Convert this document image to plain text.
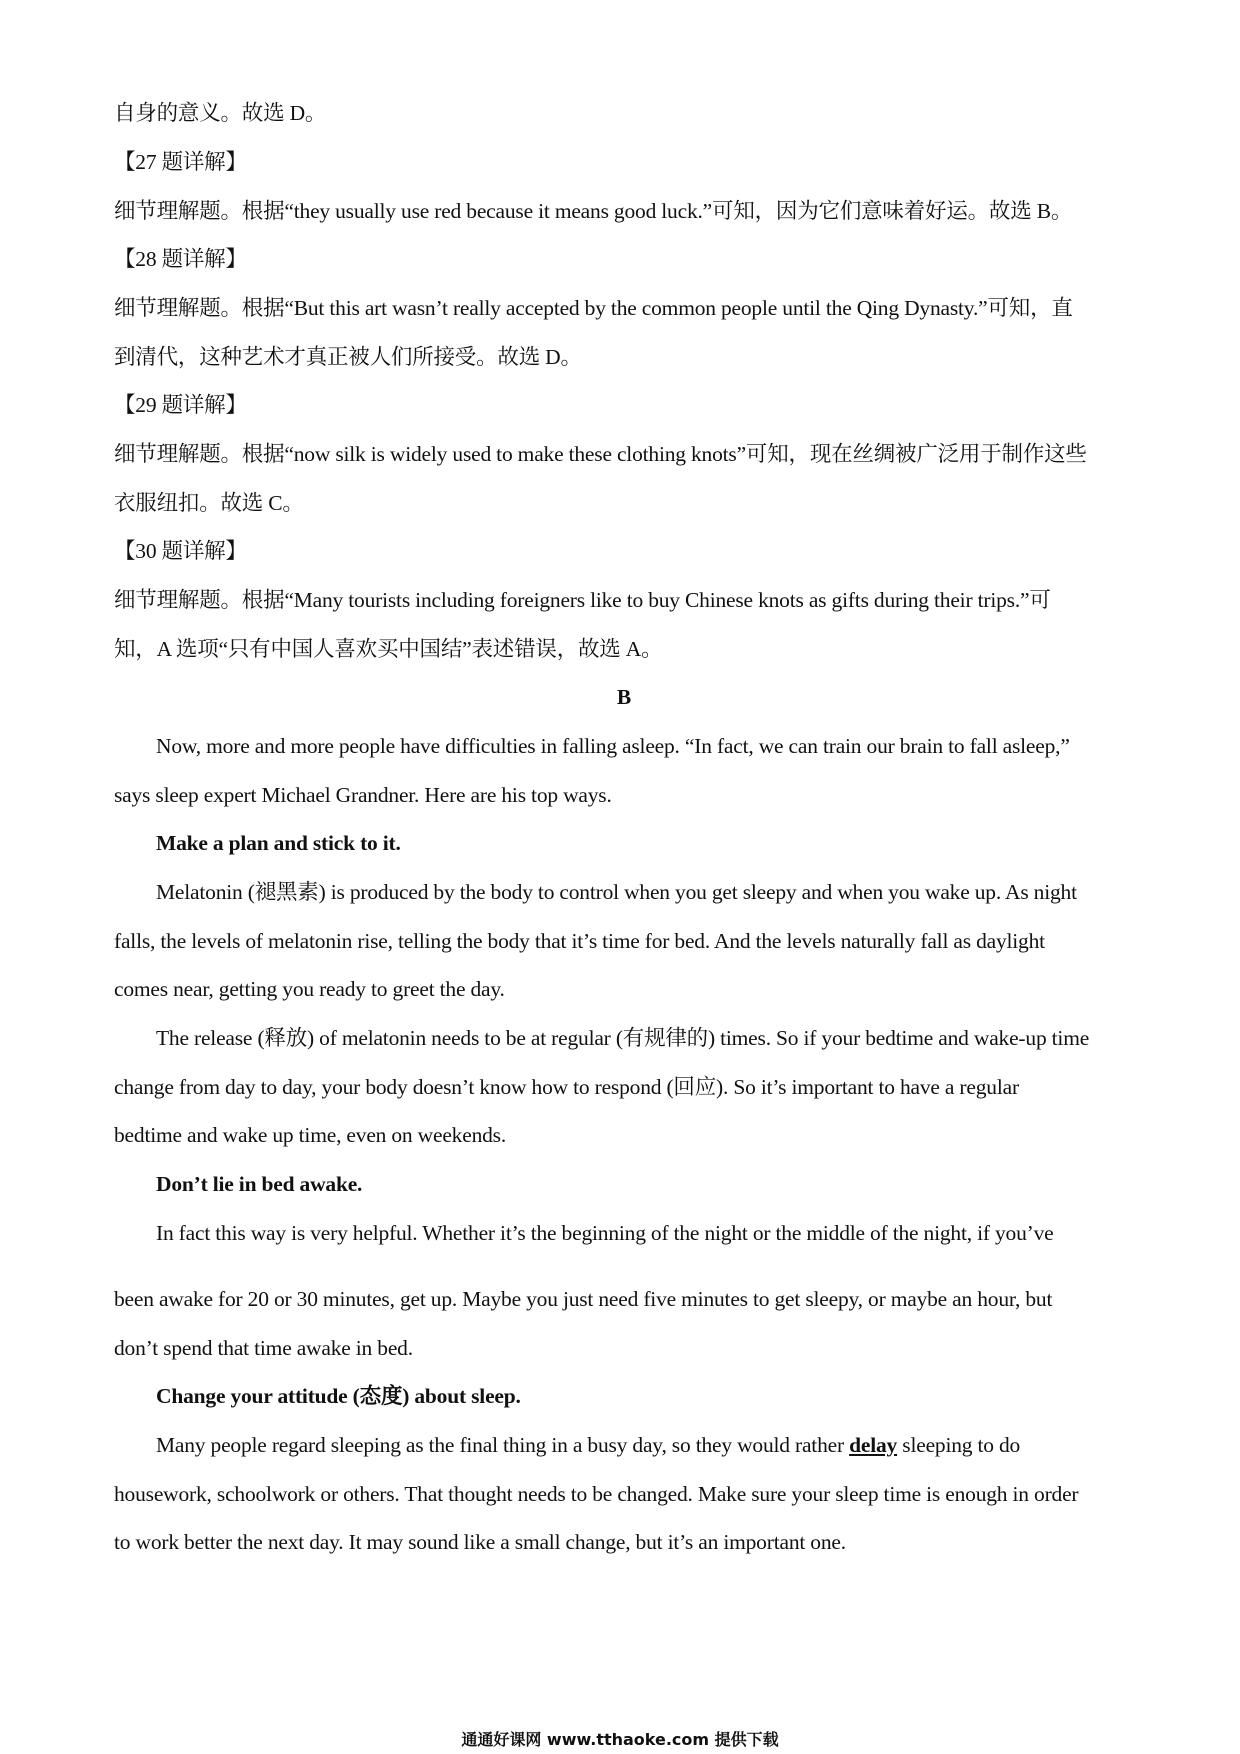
自身的意义。故选 D。
【27 题详解】
细节理解题。根据“they usually use red because it means good luck.”可知，因为它们意味着好运。故选 B。
【28 题详解】
细节理解题。根据“But this art wasn’t really accepted by the common people until the Qing Dynasty.”可知，直
到清代，这种艺术才真正被人们所接受。故选 D。
【29 题详解】
细节理解题。根据“now silk is widely used to make these clothing knots”可知，现在丝绸被广泛用于制作这些
衣服纽扣。故选 C。
【30 题详解】
细节理解题。根据“Many tourists including foreigners like to buy Chinese knots as gifts during their trips.”可
知，A 选项“只有中国人喜欢买中国结”表述错误，故选 A。
B
Now, more and more people have difficulties in falling asleep. “In fact, we can train our brain to fall asleep,”
says sleep expert Michael Grandner. Here are his top ways.
Make a plan and stick to it.
Melatonin (褪黑素) is produced by the body to control when you get sleepy and when you wake up. As night
falls, the levels of melatonin rise, telling the body that it’s time for bed. And the levels naturally fall as daylight
comes near, getting you ready to greet the day.
The release (释放) of melatonin needs to be at regular (有规律的) times. So if your bedtime and wake-up time
change from day to day, your body doesn’t know how to respond (回应). So it’s important to have a regular
bedtime and wake up time, even on weekends.
Don’t lie in bed awake.
In fact this way is very helpful. Whether it’s the beginning of the night or the middle of the night, if you’ve
been awake for 20 or 30 minutes, get up. Maybe you just need five minutes to get sleepy, or maybe an hour, but
don’t spend that time awake in bed.
Change your attitude (态度) about sleep.
Many people regard sleeping as the final thing in a busy day, so they would rather delay sleeping to do
housework, schoolwork or others. That thought needs to be changed. Make sure your sleep time is enough in order
to work better the next day. It may sound like a small change, but it’s an important one.
通通好课网 www.tthaoke.com 提供下载
